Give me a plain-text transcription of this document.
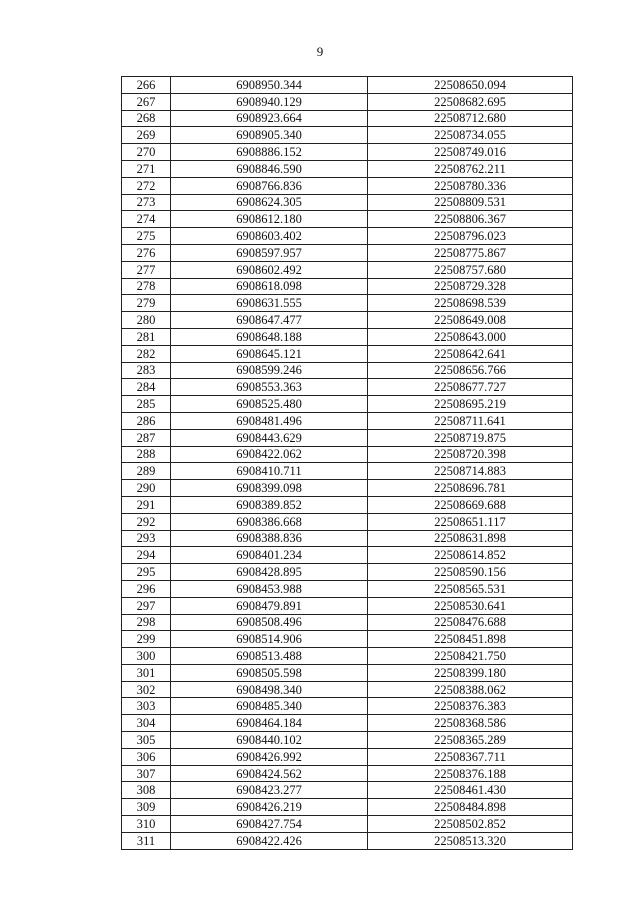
9
266	6908950.344	22508650.094
267	6908940.129	22508682.695
268	6908923.664	22508712.680
269	6908905.340	22508734.055
270	6908886.152	22508749.016
271	6908846.590	22508762.211
272	6908766.836	22508780.336
273	6908624.305	22508809.531
274	6908612.180	22508806.367
275	6908603.402	22508796.023
276	6908597.957	22508775.867
277	6908602.492	22508757.680
278	6908618.098	22508729.328
279	6908631.555	22508698.539
280	6908647.477	22508649.008
281	6908648.188	22508643.000
282	6908645.121	22508642.641
283	6908599.246	22508656.766
284	6908553.363	22508677.727
285	6908525.480	22508695.219
286	6908481.496	22508711.641
287	6908443.629	22508719.875
288	6908422.062	22508720.398
289	6908410.711	22508714.883
290	6908399.098	22508696.781
291	6908389.852	22508669.688
292	6908386.668	22508651.117
293	6908388.836	22508631.898
294	6908401.234	22508614.852
295	6908428.895	22508590.156
296	6908453.988	22508565.531
297	6908479.891	22508530.641
298	6908508.496	22508476.688
299	6908514.906	22508451.898
300	6908513.488	22508421.750
301	6908505.598	22508399.180
302	6908498.340	22508388.062
303	6908485.340	22508376.383
304	6908464.184	22508368.586
305	6908440.102	22508365.289
306	6908426.992	22508367.711
307	6908424.562	22508376.188
308	6908423.277	22508461.430
309	6908426.219	22508484.898
310	6908427.754	22508502.852
311	6908422.426	22508513.320
